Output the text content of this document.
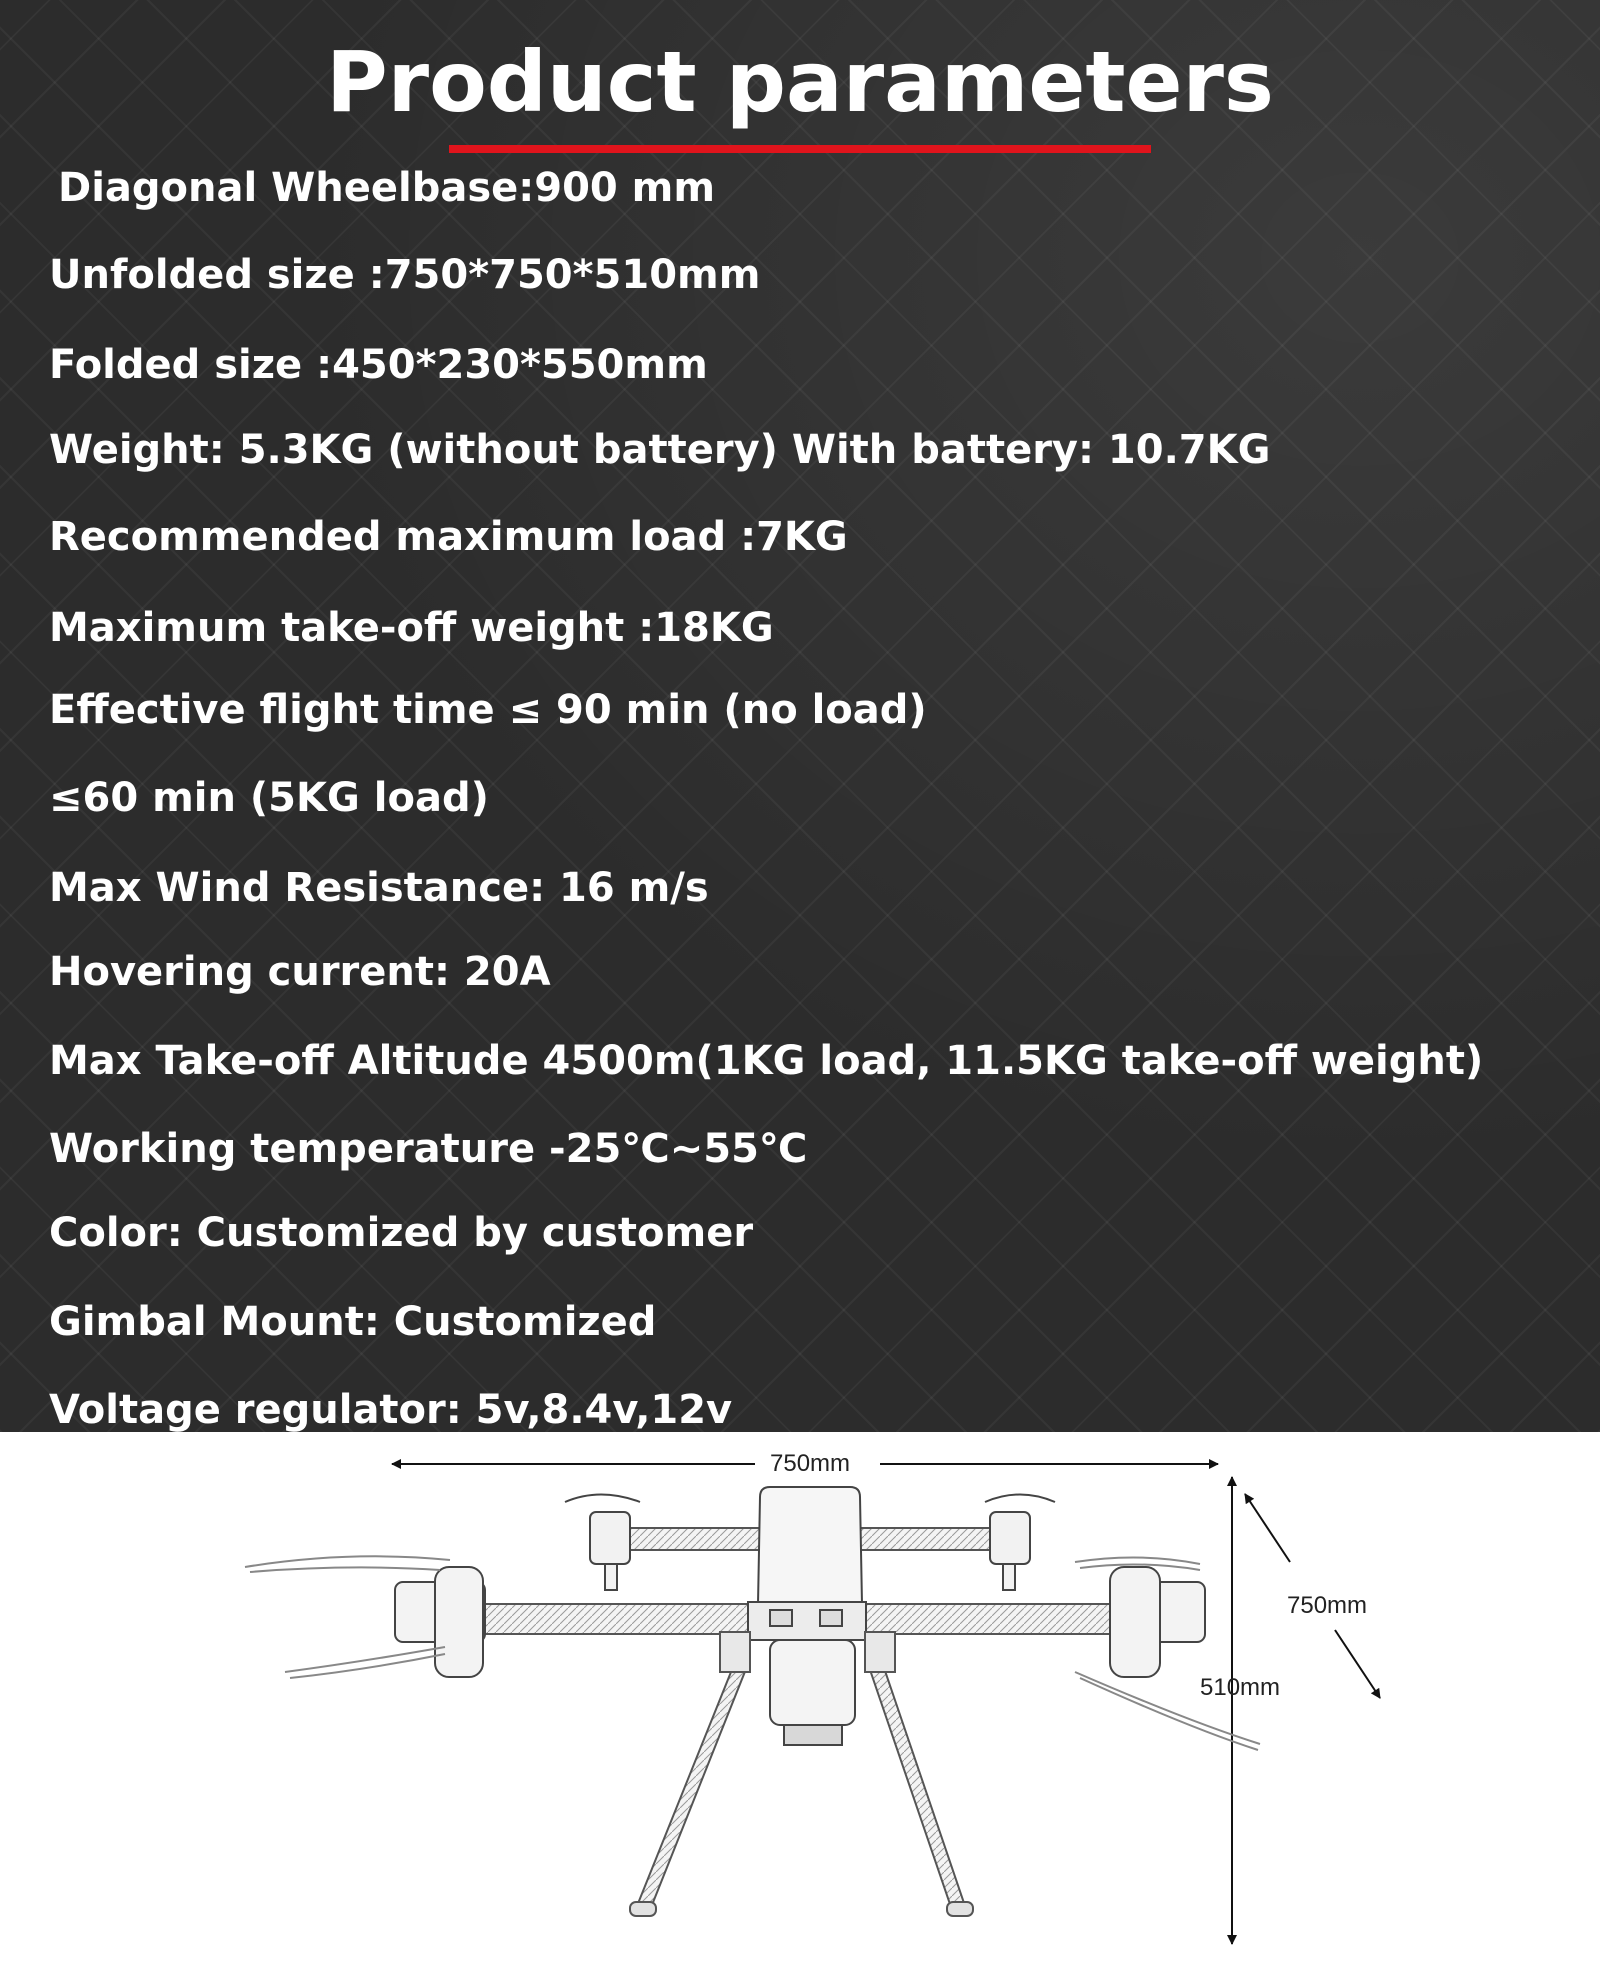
Product parameters
Diagonal Wheelbase:900 mm
Unfolded size :750*750*510mm
Folded size :450*230*550mm
Weight: 5.3KG (without battery) With battery: 10.7KG
Recommended maximum load :7KG
Maximum take-off weight :18KG
Effective flight time ≤ 90 min (no load)
≤60 min (5KG load)
Max Wind Resistance: 16 m/s
Hovering current: 20A
Max Take-off Altitude 4500m(1KG load, 11.5KG take-off weight)
Working temperature -25℃~55℃
Color: Customized by customer
Gimbal Mount: Customized
Voltage regulator: 5v,8.4v,12v
750mm
750mm
510mm
